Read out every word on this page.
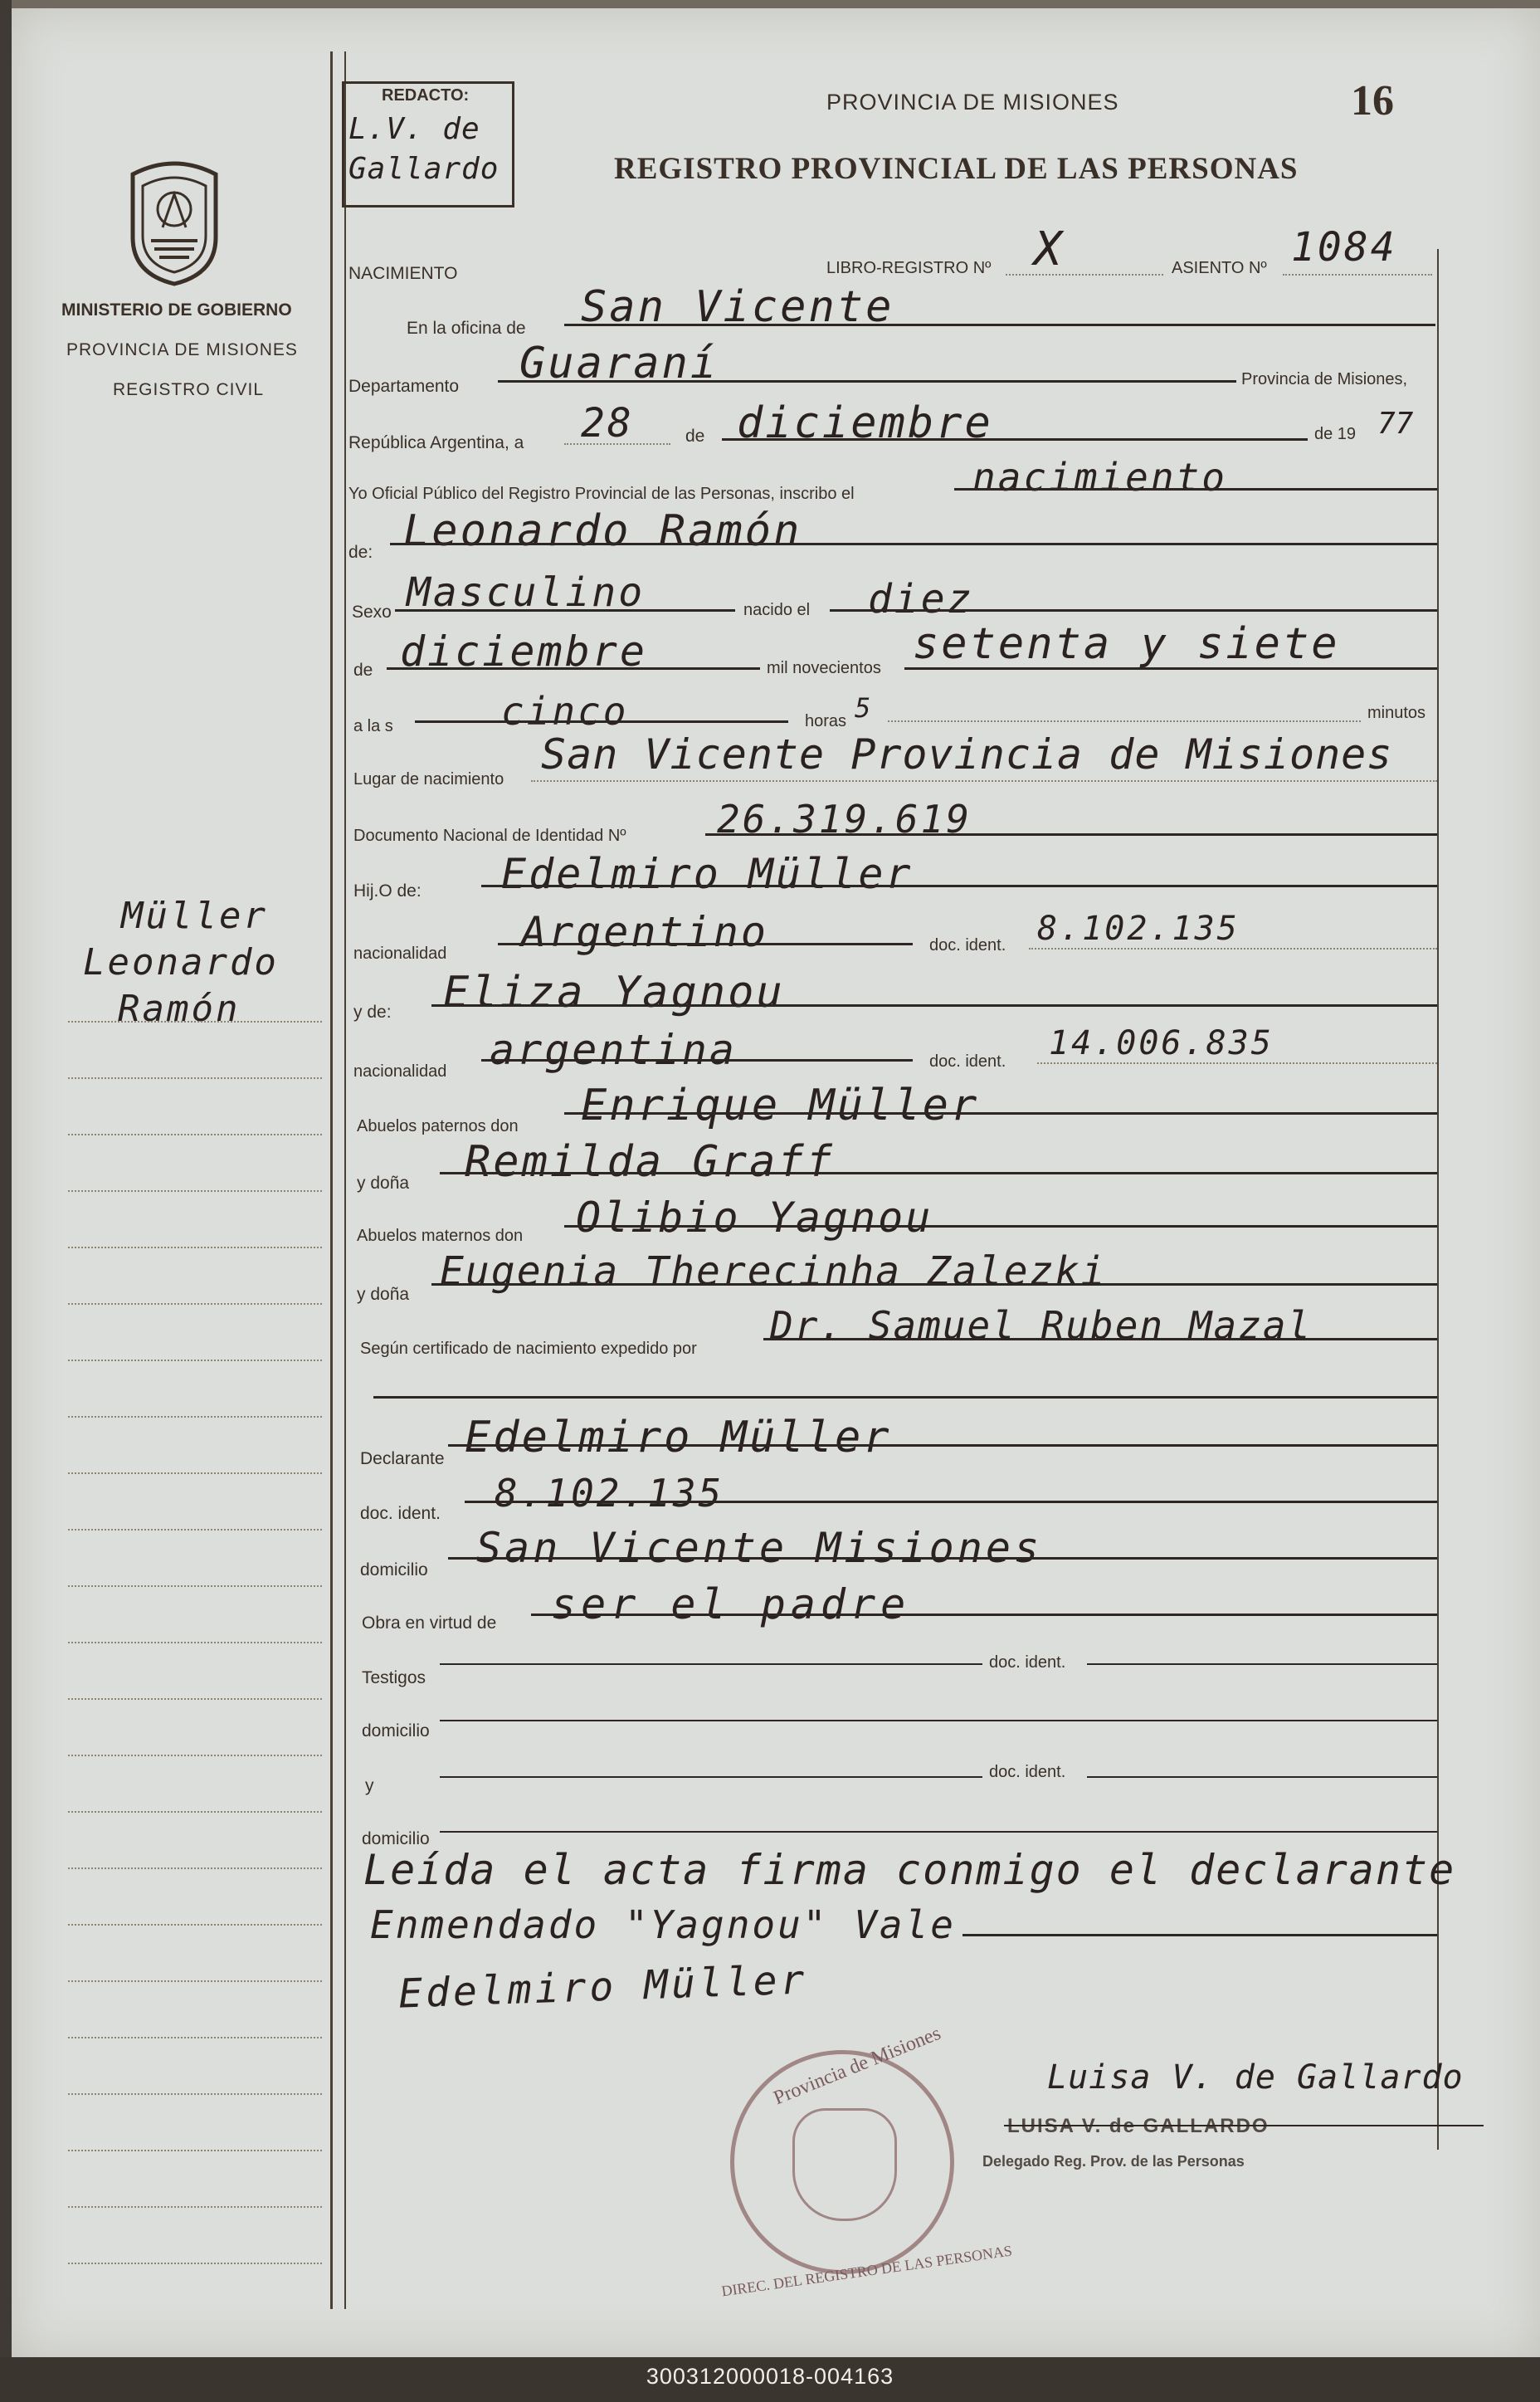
REDACTO:
L.V. de Gallardo
PROVINCIA DE MISIONES
REGISTRO PROVINCIAL DE LAS PERSONAS
16
MINISTERIO DE GOBIERNO
PROVINCIA DE MISIONES
REGISTRO CIVIL
Müller
Leonardo
Ramón
NACIMIENTO	LIBRO-REGISTRO Nº X	ASIENTO Nº 1084
En la oficina de San Vicente
Departamento Guaraní	Provincia de Misiones,
República Argentina, a 28	de diciembre	de 19 77
Yo Oficial Público del Registro Provincial de las Personas, inscribo el	nacimiento
de: Leonardo Ramón
Sexo Masculino	nacido el diez
de diciembre	mil novecientos setenta y siete
a la s	cinco	horas 5	minutos
Lugar de nacimiento
San Vicente Provincia de Misiones
Documento Nacional de Identidad Nº 26.319.619
Hij.O de: Edelmiro Müller
nacionalidad Argentino	doc. ident. 8.102.135
y de: Eliza Yagnou
nacionalidad argentina	doc. ident. 14.006.835
Abuelos paternos don Enrique Müller
y doña Remilda Graff
Abuelos maternos don Olibio Yagnou
y doña Eugenia Therecinha Zalezki
Según certificado de nacimiento expedido por
Dr. Samuel Ruben Mazal
Declarante Edelmiro Müller
doc. ident. 8.102.135
domicilio San Vicente Misiones
Obra en virtud de ser el padre
Testigos
doc. ident.
domicilio
y
doc. ident.
domicilio
Leída el acta firma conmigo el declarante
Enmendado "Yagnou" Vale
Edelmiro Müller
Luisa V. de Gallardo
LUISA V. de GALLARDO
Delegado Reg. Prov. de las Personas
Provincia de Misiones
DIREC. DEL REGISTRO DE LAS PERSONAS
300312000018-004163
